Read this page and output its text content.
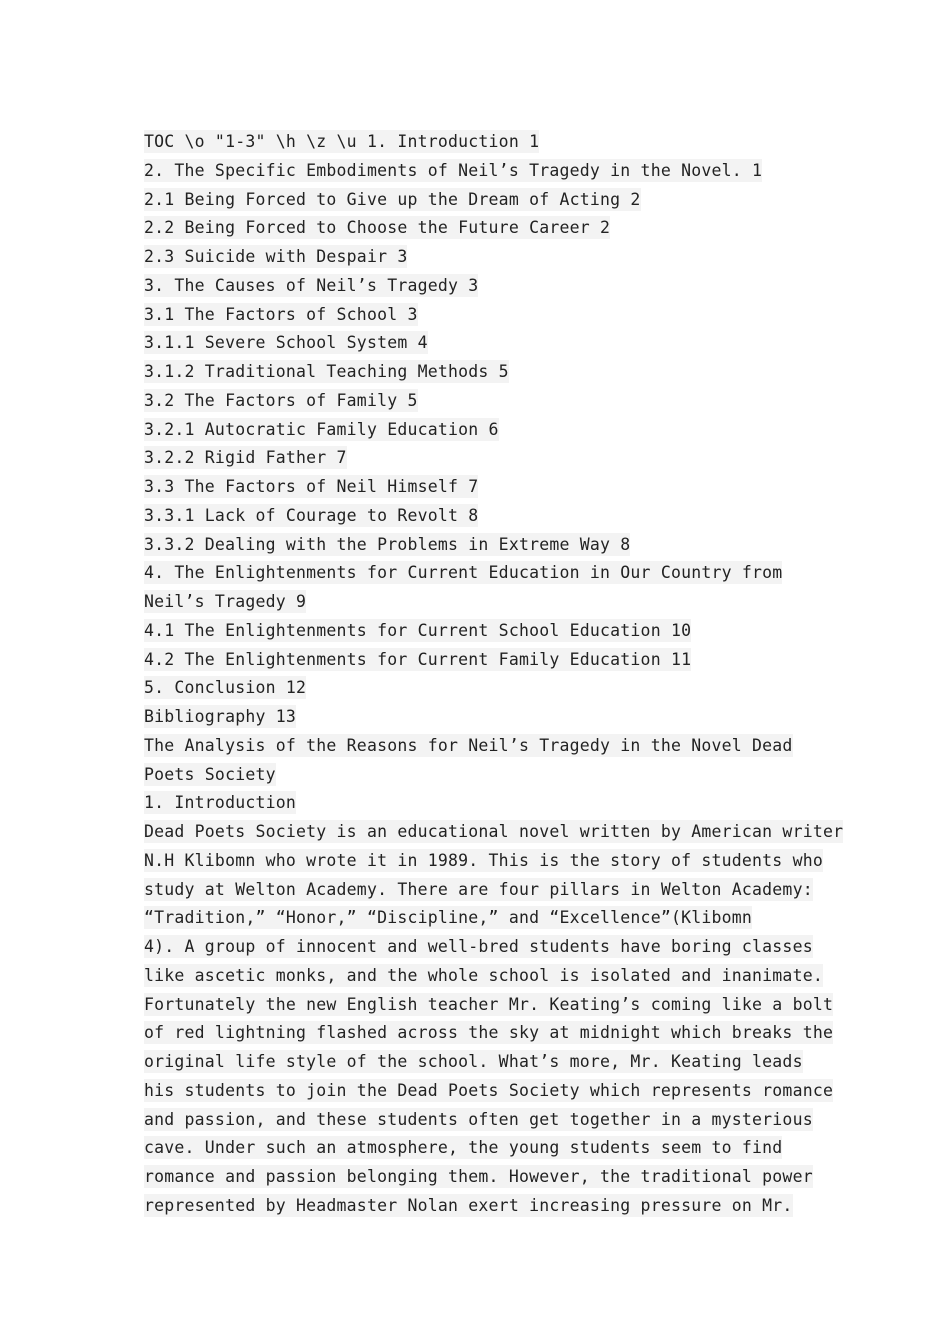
TOC \o "1-3" \h \z \u 1. Introduction 1
2. The Specific Embodiments of Neil’s Tragedy in the Novel. 1
2.1 Being Forced to Give up the Dream of Acting 2
2.2 Being Forced to Choose the Future Career 2
2.3 Suicide with Despair 3
3. The Causes of Neil’s Tragedy 3
3.1 The Factors of School 3
3.1.1 Severe School System 4
3.1.2 Traditional Teaching Methods 5
3.2 The Factors of Family 5
3.2.1 Autocratic Family Education 6
3.2.2 Rigid Father 7
3.3 The Factors of Neil Himself 7
3.3.1 Lack of Courage to Revolt 8
3.3.2 Dealing with the Problems in Extreme Way 8
4. The Enlightenments for Current Education in Our Country from
Neil’s Tragedy 9
4.1 The Enlightenments for Current School Education 10
4.2 The Enlightenments for Current Family Education 11
5. Conclusion 12
Bibliography 13
The Analysis of the Reasons for Neil’s Tragedy in the Novel Dead
Poets Society
1. Introduction
Dead Poets Society is an educational novel written by American writer
N.H Klibomn who wrote it in 1989. This is the story of students who
study at Welton Academy. There are four pillars in Welton Academy:
“Tradition,” “Honor,” “Discipline,” and “Excellence”(Klibomn
4). A group of innocent and well-bred students have boring classes
like ascetic monks, and the whole school is isolated and inanimate.
Fortunately the new English teacher Mr. Keating’s coming like a bolt
of red lightning flashed across the sky at midnight which breaks the
original life style of the school. What’s more, Mr. Keating leads
his students to join the Dead Poets Society which represents romance
and passion, and these students often get together in a mysterious
cave. Under such an atmosphere, the young students seem to find
romance and passion belonging them. However, the traditional power
represented by Headmaster Nolan exert increasing pressure on Mr.
